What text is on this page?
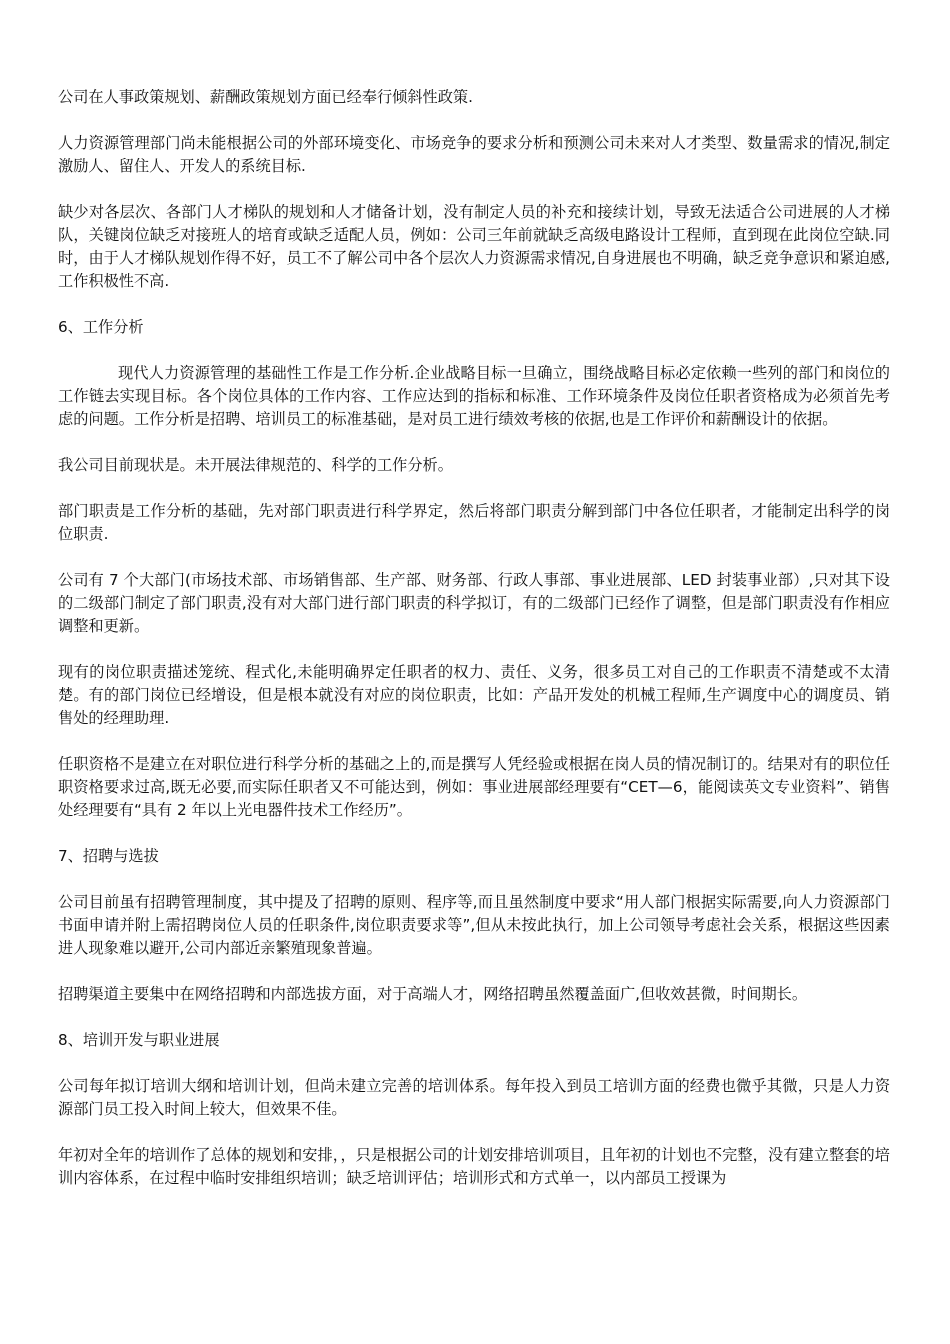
公司在人事政策规划、薪酬政策规划方面已经奉行倾斜性政策.

人力资源管理部门尚未能根据公司的外部环境变化、市场竞争的要求分析和预测公司未来对人才类型、数量需求的情况,制定激励人、留住人、开发人的系统目标.

缺少对各层次、各部门人才梯队的规划和人才储备计划，没有制定人员的补充和接续计划，导致无法适合公司进展的人才梯队，关键岗位缺乏对接班人的培育或缺乏适配人员，例如：公司三年前就缺乏高级电路设计工程师，直到现在此岗位空缺.同时，由于人才梯队规划作得不好，员工不了解公司中各个层次人力资源需求情况,自身进展也不明确，缺乏竞争意识和紧迫感,工作积极性不高.

6、工作分析

现代人力资源管理的基础性工作是工作分析.企业战略目标一旦确立，围绕战略目标必定依赖一些列的部门和岗位的工作链去实现目标。各个岗位具体的工作内容、工作应达到的指标和标准、工作环境条件及岗位任职者资格成为必须首先考虑的问题。工作分析是招聘、培训员工的标准基础，是对员工进行绩效考核的依据,也是工作评价和薪酬设计的依据。

我公司目前现状是。未开展法律规范的、科学的工作分析。

部门职责是工作分析的基础，先对部门职责进行科学界定，然后将部门职责分解到部门中各位任职者，才能制定出科学的岗位职责.

公司有 7 个大部门(市场技术部、市场销售部、生产部、财务部、行政人事部、事业进展部、LED 封装事业部）,只对其下设的二级部门制定了部门职责,没有对大部门进行部门职责的科学拟订，有的二级部门已经作了调整，但是部门职责没有作相应调整和更新。

现有的岗位职责描述笼统、程式化,未能明确界定任职者的权力、责任、义务，很多员工对自己的工作职责不清楚或不太清楚。有的部门岗位已经增设，但是根本就没有对应的岗位职责，比如：产品开发处的机械工程师,生产调度中心的调度员、销售处的经理助理.

任职资格不是建立在对职位进行科学分析的基础之上的,而是撰写人凭经验或根据在岗人员的情况制订的。结果对有的职位任职资格要求过高,既无必要,而实际任职者又不可能达到，例如：事业进展部经理要有“CET—6，能阅读英文专业资料”、销售处经理要有“具有 2 年以上光电器件技术工作经历”。

7、招聘与选拔

公司目前虽有招聘管理制度，其中提及了招聘的原则、程序等,而且虽然制度中要求“用人部门根据实际需要,向人力资源部门书面申请并附上需招聘岗位人员的任职条件,岗位职责要求等”,但从未按此执行，加上公司领导考虑社会关系，根据这些因素进人现象难以避开,公司内部近亲繁殖现象普遍。

招聘渠道主要集中在网络招聘和内部选拔方面，对于高端人才，网络招聘虽然覆盖面广,但收效甚微，时间期长。

8、培训开发与职业进展

公司每年拟订培训大纲和培训计划，但尚未建立完善的培训体系。每年投入到员工培训方面的经费也微乎其微，只是人力资源部门员工投入时间上较大，但效果不佳。

年初对全年的培训作了总体的规划和安排，，只是根据公司的计划安排培训项目，且年初的计划也不完整，没有建立整套的培训内容体系，在过程中临时安排组织培训；缺乏培训评估；培训形式和方式单一，以内部员工授课为
